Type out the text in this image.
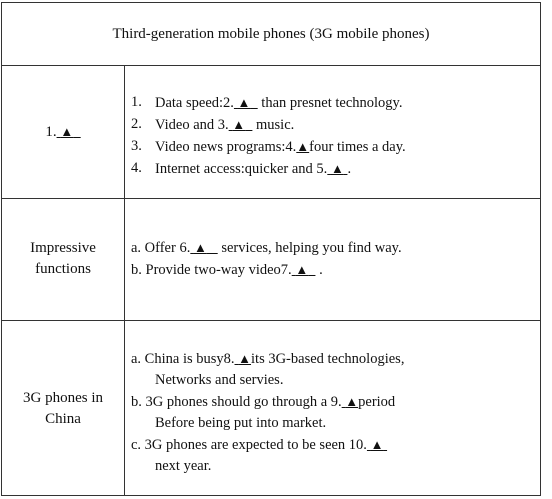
Third-generation mobile phones (3G mobile phones)
1. ▲
1. Data speed:2. ▲   than presnet technology.
2. Video and 3. ▲   music.
3. Video news programs:4.▲four times a day.
4. Internet access:quicker and 5. ▲ .
Impressive functions
a. Offer 6. ▲    services, helping you find way.
b. Provide two-way video7. ▲   .
3G phones in China
a. China is busy8. ▲its 3G-based technologies,
Networks and servies.
b. 3G phones should go through a 9. ▲period
Before being put into market.
c. 3G phones are expected to be seen 10. ▲
next year.
